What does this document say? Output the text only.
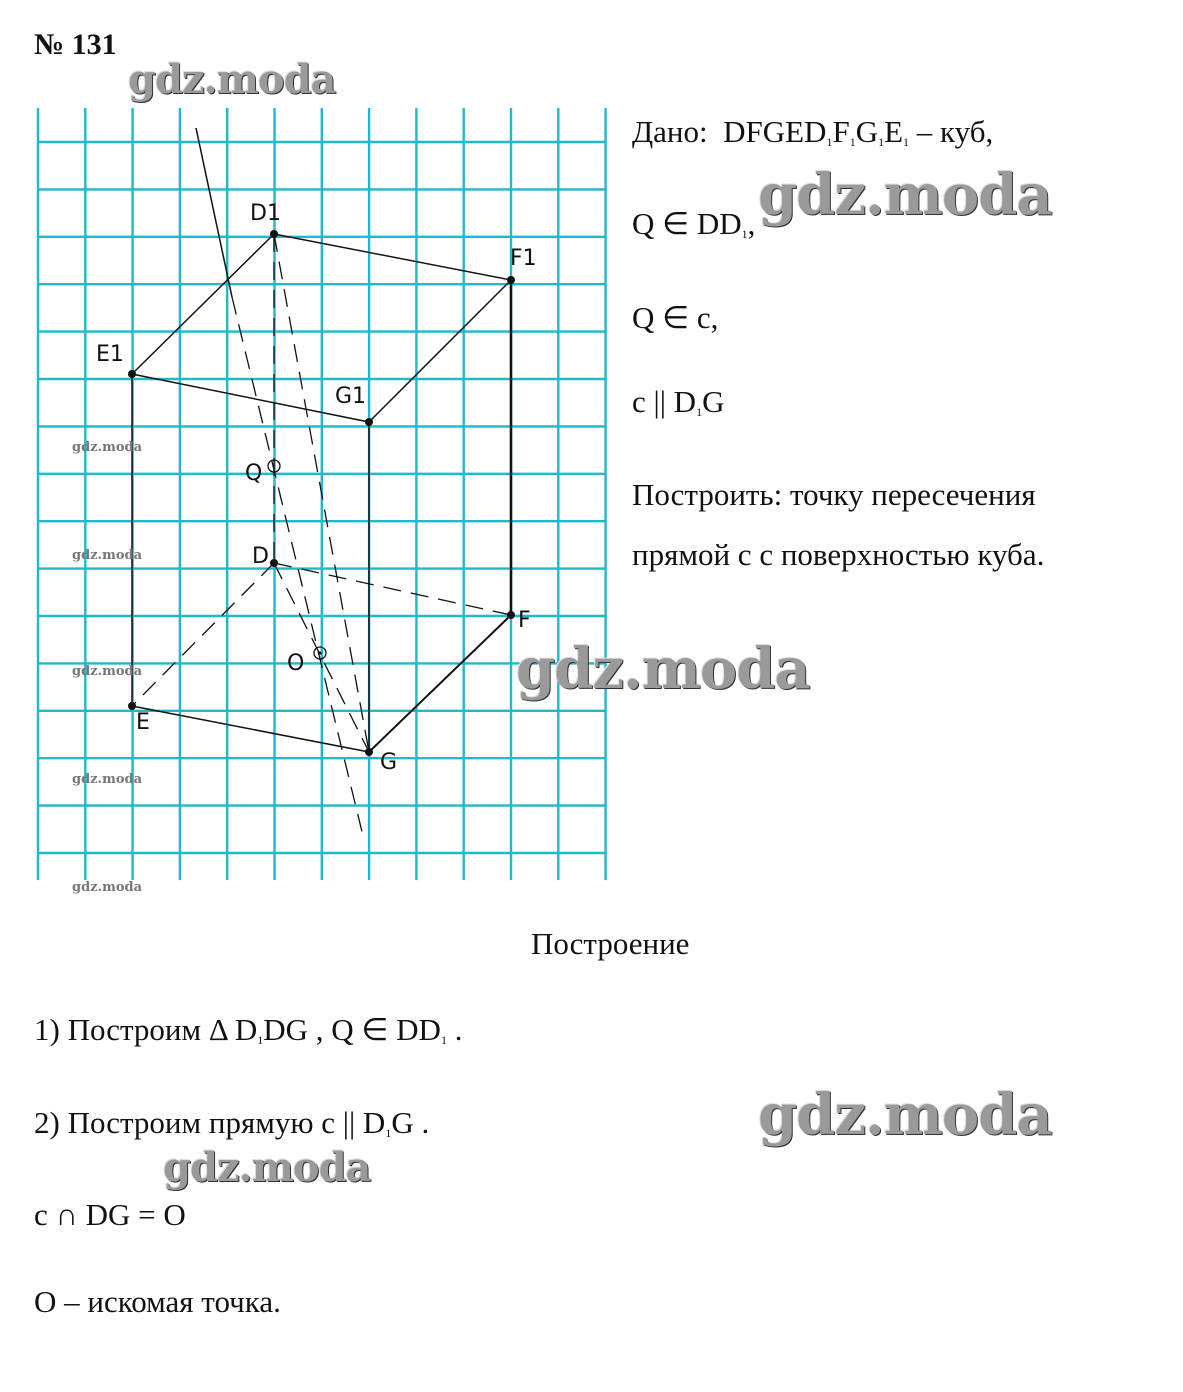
№ 131
D1
F1
E1
G1
Q
D
F
O
E
G
gdz.moda
gdz.moda
gdz.moda
gdz.moda
gdz.moda
gdz.moda
gdz.moda
gdz.moda
gdz.moda
gdz.moda
Дано: $DFGED_1F_1G_1E_1$ – куб,
Q ∈ $DD_1$,
Q ∈ c,
c || $D_1G$
Построить: точку пересечения
прямой с с поверхностью куба.
Построение
1) Построим Δ $D_1DG$ , Q ∈ $DD_1$ .
2) Построим прямую c || $D_1G$ .
c ∩ DG = O
O – искомая точка.
